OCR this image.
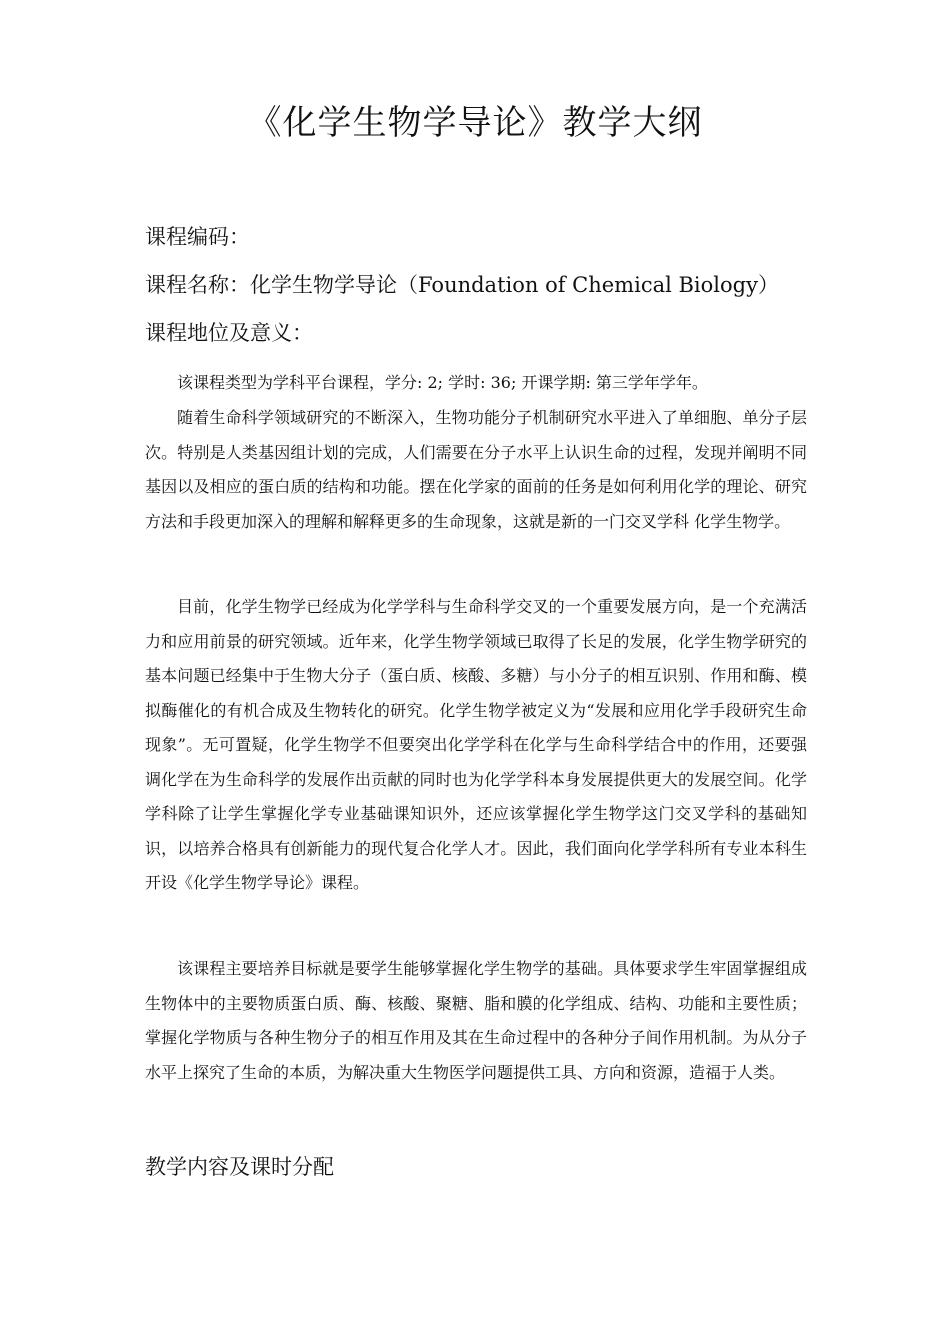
《化学生物学导论》教学大纲

课程编码：

课程名称：化学生物学导论（Foundation of Chemical Biology）

课程地位及意义：

该课程类型为学科平台课程，学分: 2; 学时: 36; 开课学期: 第三学年学年。

随着生命科学领域研究的不断深入，生物功能分子机制研究水平进入了单细胞、单分子层次。特别是人类基因组计划的完成，人们需要在分子水平上认识生命的过程，发现并阐明不同基因以及相应的蛋白质的结构和功能。摆在化学家的面前的任务是如何利用化学的理论、研究方法和手段更加深入的理解和解释更多的生命现象，这就是新的一门交叉学科 化学生物学。

目前，化学生物学已经成为化学学科与生命科学交叉的一个重要发展方向，是一个充满活力和应用前景的研究领域。近年来，化学生物学领域已取得了长足的发展，化学生物学研究的基本问题已经集中于生物大分子（蛋白质、核酸、多糖）与小分子的相互识别、作用和酶、模拟酶催化的有机合成及生物转化的研究。化学生物学被定义为“发展和应用化学手段研究生命现象”。无可置疑，化学生物学不但要突出化学学科在化学与生命科学结合中的作用，还要强调化学在为生命科学的发展作出贡献的同时也为化学学科本身发展提供更大的发展空间。化学学科除了让学生掌握化学专业基础课知识外，还应该掌握化学生物学这门交叉学科的基础知识，以培养合格具有创新能力的现代复合化学人才。因此，我们面向化学学科所有专业本科生开设《化学生物学导论》课程。

该课程主要培养目标就是要学生能够掌握化学生物学的基础。具体要求学生牢固掌握组成生物体中的主要物质蛋白质、酶、核酸、聚糖、脂和膜的化学组成、结构、功能和主要性质；掌握化学物质与各种生物分子的相互作用及其在生命过程中的各种分子间作用机制。为从分子水平上探究了生命的本质，为解决重大生物医学问题提供工具、方向和资源，造福于人类。

教学内容及课时分配
